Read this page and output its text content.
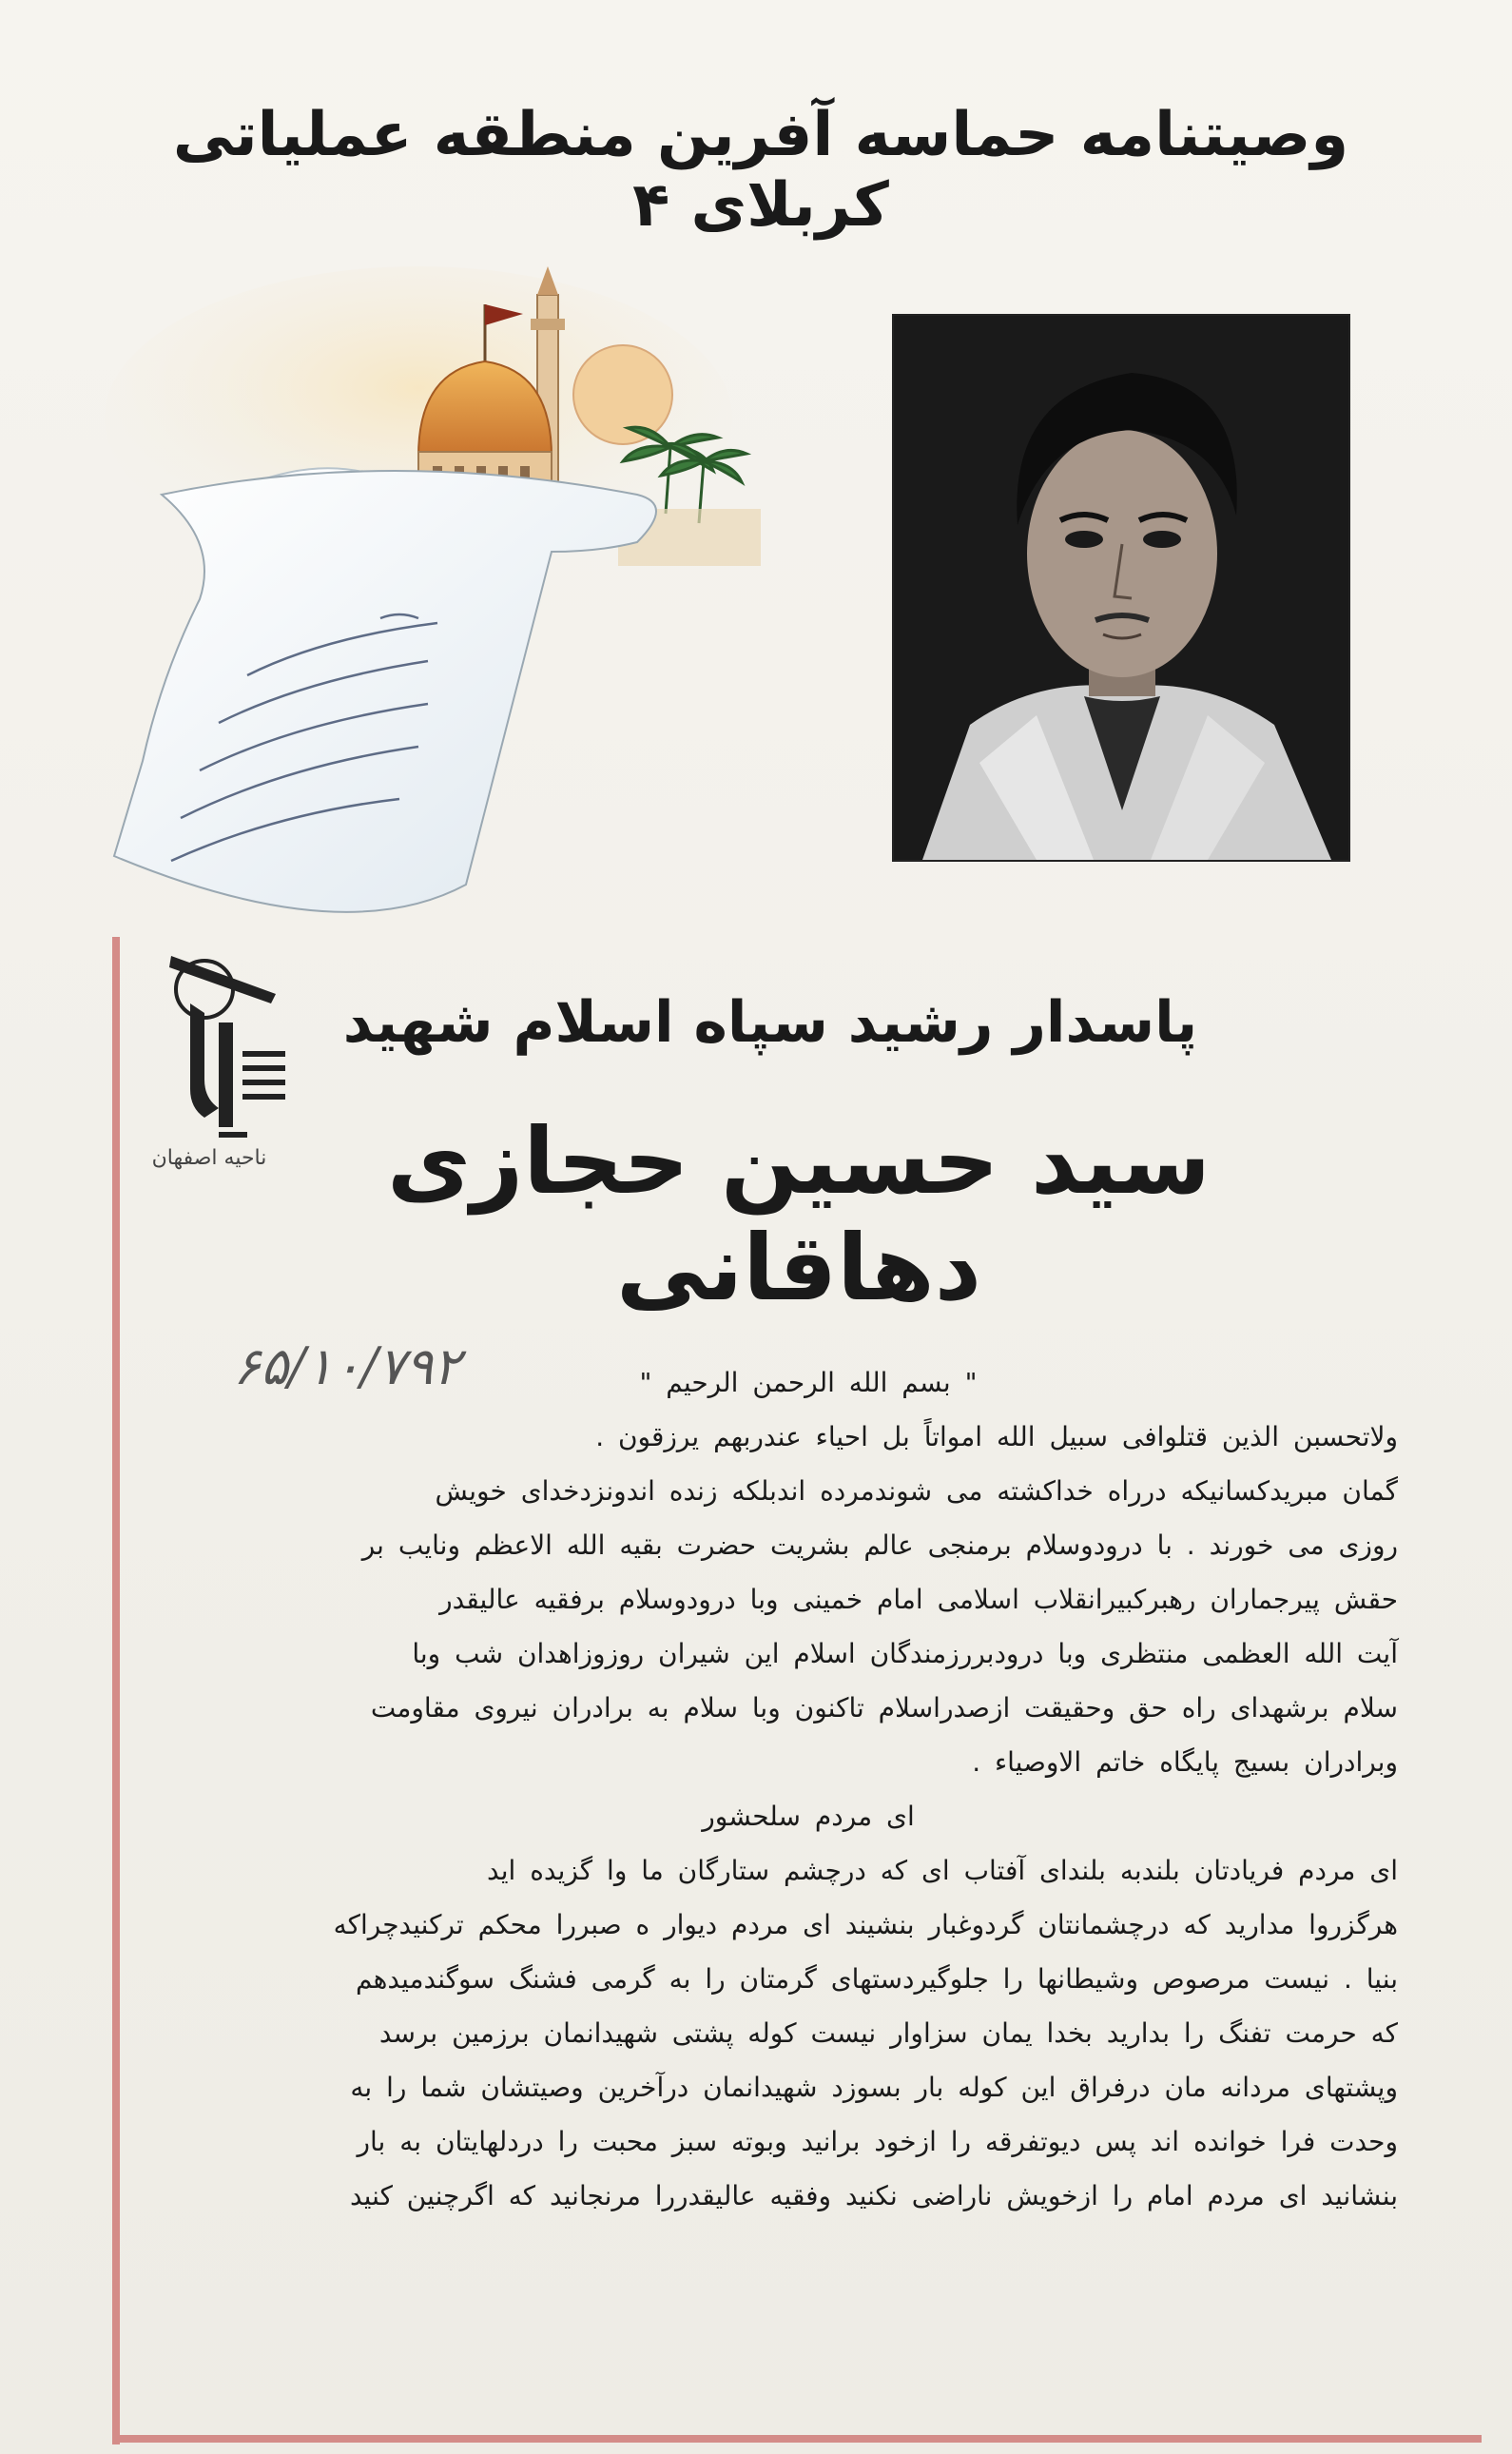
وصیتنامه حماسه آفرین منطقه عملیاتی کربلای ۴
ناحیه اصفهان
پاسدار رشید سپاه اسلام شهید
سید حسین حجازی دهاقانی
۶۵/۱۰/۷۹۲	" بسم الله الرحمن الرحیم "

ولاتحسبن الذین قتلوافی سبیل الله امواتاً بل احیاء عندربهم یرزقون .

گمان مبریدکسانیکه درراه خداکشته می شوندمرده اندبلکه زنده اندونزدخدای خویش

روزی می خورند . با درودوسلام برمنجی عالم بشریت حضرت بقیه الله الاعظم ونایب بر

حقش پیرجماران رهبرکبیرانقلاب اسلامی امام خمینی وبا درودوسلام برفقیه عالیقدر

آیت الله العظمی منتظری وبا درودبررزمندگان اسلام این شیران روزوزاهدان شب وبا

سلام برشهدای راه حق وحقیقت ازصدراسلام تاکنون وبا سلام به برادران نیروی مقاومت

وبرادران بسیج پایگاه خاتم الاوصیاء .

ای مردم سلحشور

ای مردم فریادتان بلندبه بلندای آفتاب ای که درچشم ستارگان ما وا گزیده اید

هرگزروا مدارید که درچشمانتان گردوغبار بنشیند ای مردم دیوار ه صبررا محکم ترکنیدچراکه

بنیا . نیست مرصوص وشیطانها را جلوگیردستهای گرمتان را به گرمی فشنگ سوگندمیدهم

که حرمت تفنگ را بدارید بخدا یمان سزاوار نیست کوله پشتی شهیدانمان برزمین برسد

وپشتهای مردانه مان درفراق این کوله بار بسوزد شهیدانمان درآخرین وصیتشان شما را به

وحدت فرا خوانده اند پس دیوتفرقه را ازخود برانید وبوته سبز محبت را دردلهایتان به بار

بنشانید ای مردم امام را ازخویش ناراضی نکنید وفقیه عالیقدررا مرنجانید که اگرچنین کنید
